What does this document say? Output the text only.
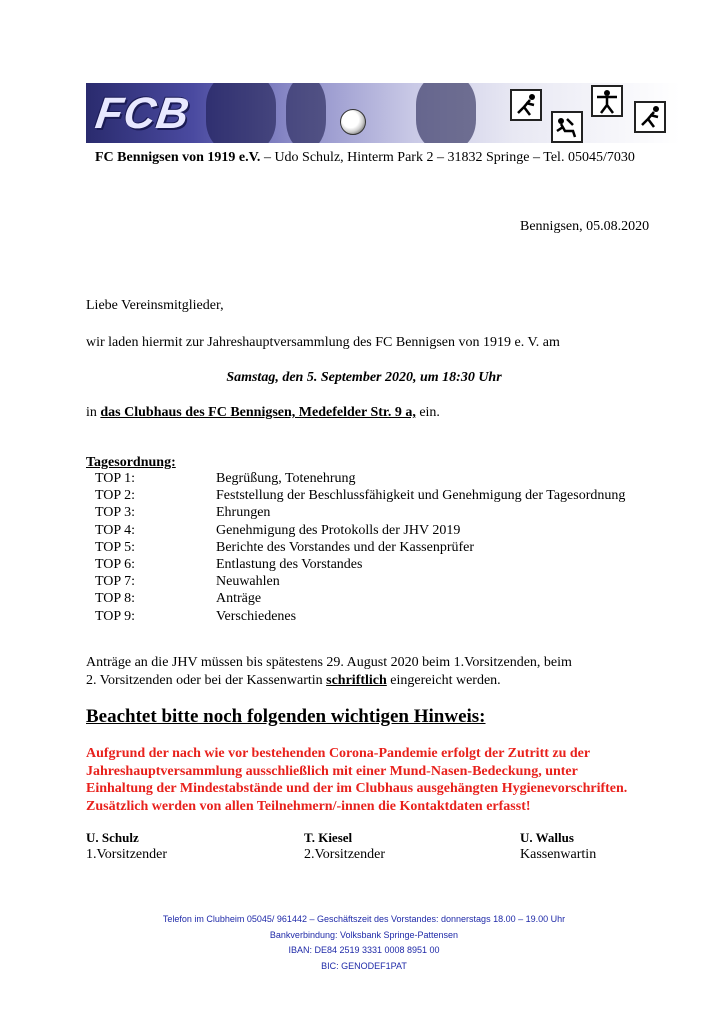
FCB
FC Bennigsen von 1919 e.V. – Udo Schulz, Hinterm Park 2 – 31832 Springe – Tel. 05045/7030
Bennigsen, 05.08.2020
Liebe Vereinsmitglieder,
wir laden hiermit zur Jahreshauptversammlung des FC Bennigsen von 1919 e. V. am
Samstag, den 5. September 2020, um 18:30 Uhr
in das Clubhaus des FC Bennigsen, Medefelder Str. 9 a, ein.
Tagesordnung:
TOP 1:	Begrüßung, Totenehrung
TOP 2:	Feststellung der Beschlussfähigkeit und Genehmigung der Tagesordnung
TOP 3:	Ehrungen
TOP 4:	Genehmigung des Protokolls der JHV 2019
TOP 5:	Berichte des Vorstandes und der Kassenprüfer
TOP 6:	Entlastung des Vorstandes
TOP 7:	Neuwahlen
TOP 8:	Anträge
TOP 9:	Verschiedenes
Anträge an die JHV müssen bis spätestens 29. August 2020 beim 1.Vorsitzenden, beim
2. Vorsitzenden oder bei der Kassenwartin schriftlich eingereicht werden.
Beachtet bitte noch folgenden wichtigen Hinweis:
Aufgrund der nach wie vor bestehenden Corona-Pandemie erfolgt der Zutritt zu der
Jahreshauptversammlung ausschließlich mit einer Mund-Nasen-Bedeckung, unter
Einhaltung der Mindestabstände und der im Clubhaus ausgehängten Hygienevorschriften.
Zusätzlich werden von allen Teilnehmern/-innen die Kontaktdaten erfasst!
U. Schulz
1.Vorsitzender
T. Kiesel
2.Vorsitzender
U. Wallus
Kassenwartin
Telefon im Clubheim 05045/ 961442 – Geschäftszeit des Vorstandes: donnerstags 18.00 – 19.00 Uhr
Bankverbindung: Volksbank Springe-Pattensen
IBAN: DE84 2519 3331 0008 8951 00
BIC: GENODEF1PAT
